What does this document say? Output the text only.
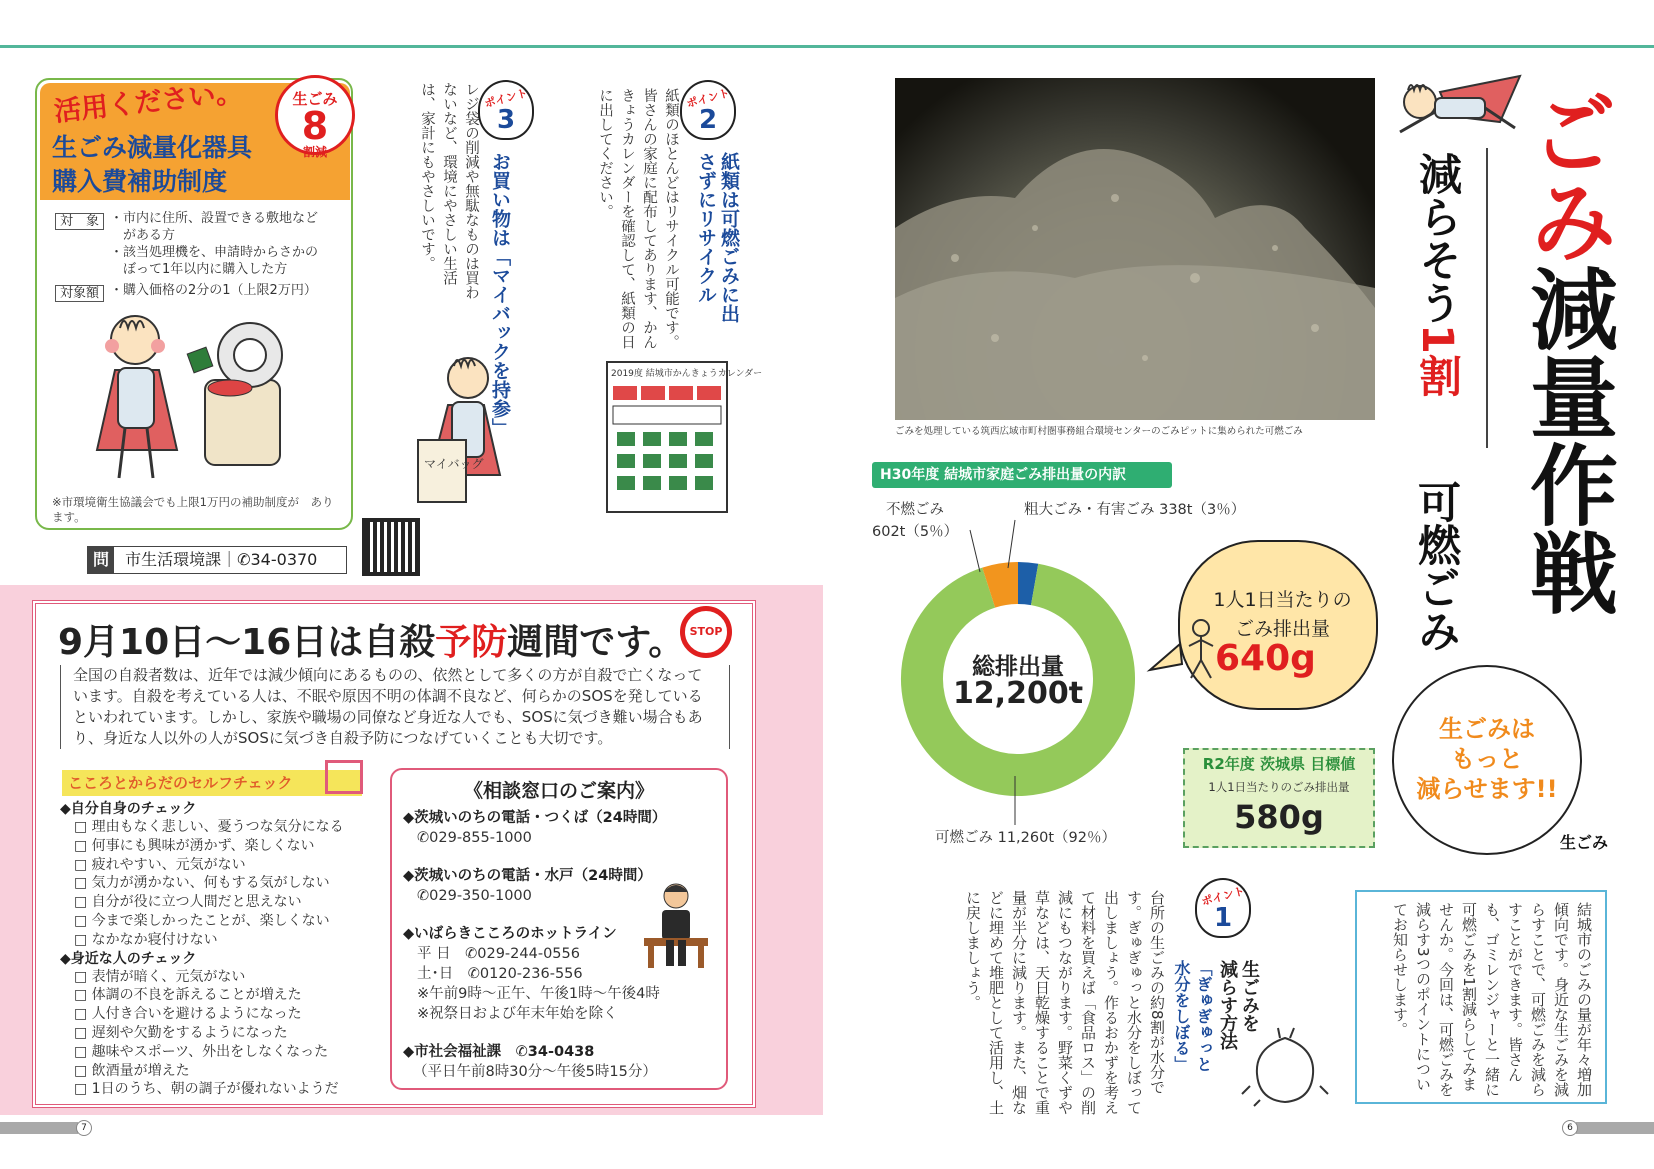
7	6
活用ください。
生ごみ減量化器具
購入費補助制度
生ごみ
8
割減
対　象 ・市内に住所、設置できる敷地など
　がある方
・該当処理機を、申請時からさかの
　ぼって1年以内に購入した方
対象額 ・購入価格の2分の1（上限2万円）
※市環境衛生協議会でも上限1万円の補助制度が　あります。
問 市生活環境課｜✆34-0370
ポイント
3
お買い物は「マイバックを持参」
レジ袋の削減や無駄なものは買わないなど、環境にやさしい生活は、家計にもやさしいです。
マイバッグ
ポイント
2
紙類は可燃ごみに出さずにリサイクル
紙類のほとんどはリサイクル可能です。皆さんの家庭に配布してあります、かんきょうカレンダーを確認して、紙類の日に出してください。
2019度 結城市かんきょうカレンダー
9月10日〜16日は自殺予防週間です。 STOP
全国の自殺者数は、近年では減少傾向にあるものの、依然として多くの方が自殺で亡くなっています。自殺を考えている人は、不眠や原因不明の体調不良など、何らかのSOSを発しているといわれています。しかし、家族や職場の同僚など身近な人でも、SOSに気づき難い場合もあり、身近な人以外の人がSOSに気づき自殺予防につなげていくことも大切です。
こころとからだのセルフチェック
◆自分自身のチェック
□ 理由もなく悲しい、憂うつな気分になる
□ 何事にも興味が湧かず、楽しくない
□ 疲れやすい、元気がない
□ 気力が湧かない、何もする気がしない
□ 自分が役に立つ人間だと思えない
□ 今まで楽しかったことが、楽しくない
□ なかなか寝付けない
◆身近な人のチェック
□ 表情が暗く、元気がない
□ 体調の不良を訴えることが増えた
□ 人付き合いを避けるようになった
□ 遅刻や欠勤をするようになった
□ 趣味やスポーツ、外出をしなくなった
□ 飲酒量が増えた
□ 1日のうち、朝の調子が優れないようだ
《相談窓口のご案内》
◆茨城いのちの電話・つくば（24時間）
✆029-855-1000
◆茨城いのちの電話・水戸（24時間）
✆029-350-1000
◆いばらきこころのホットライン
平 日　✆029-244-0556
土･日　✆0120-236-556
※午前9時〜正午、午後1時〜午後4時
※祝祭日および年末年始を除く
◆市社会福祉課　✆34-0438
（平日午前8時30分〜午後5時15分）
ごみを処理している筑西広域市町村圏事務組合環境センターのごみピットに集められた可燃ごみ
H30年度 結城市家庭ごみ排出量の内訳
総排出量
12,200t
不燃ごみ
602t（5％）
粗大ごみ・有害ごみ 338t（3％）
可燃ごみ 11,260t（92％）
1人1日当たりの
ごみ排出量
640g
R2年度 茨城県 目標値
1人1日当たりのごみ排出量
580g
ごみ減量作戦
減らそう1割
可燃ごみ
生ごみは
もっと
減らせます!!
生ごみ
結城市のごみの量が年々増加傾向です。身近な生ごみを減らすことで、可燃ごみを減らすことができます。皆さんも、ゴミレンジャーと一緒に可燃ごみを1割減らしてみませんか。今回は、可燃ごみを減らす3つのポイントについてお知らせします。
ポイント
1
生ごみを
減らす方法
「ぎゅぎゅっと
水分をしぼる」
台所の生ごみの約8割が水分です。ぎゅぎゅっと水分をしぼって出しましょう。作るおかずを考えて材料を買えば「食品ロス」の削減にもつながります。野菜くずや草などは、天日乾燥することで重量が半分に減ります。また、畑などに埋めて堆肥として活用し、土に戻しましょう。
